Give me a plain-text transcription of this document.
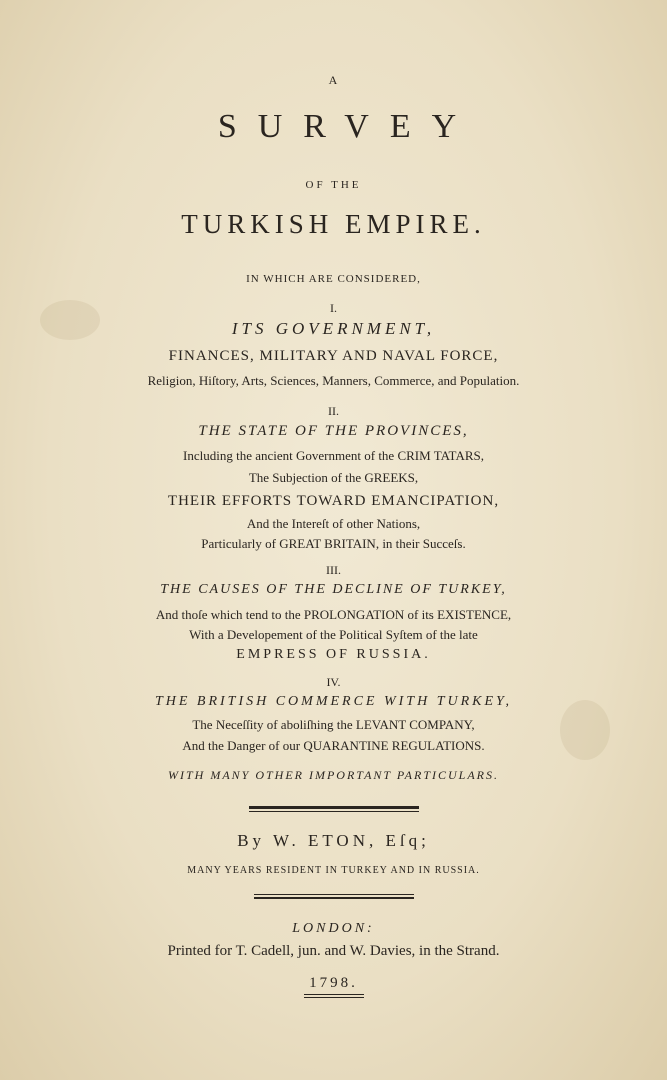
A
SURVEY
OF THE
TURKISH EMPIRE.
IN WHICH ARE CONSIDERED,
I.
ITS GOVERNMENT,
FINANCES, MILITARY AND NAVAL FORCE,
Religion, Hiſtory, Arts, Sciences, Manners, Commerce, and Population.
II.
THE STATE OF THE PROVINCES,
Including the ancient Government of the CRIM TATARS,
The Subjection of the GREEKS,
THEIR EFFORTS TOWARD EMANCIPATION,
And the Intereſt of other Nations,
Particularly of GREAT BRITAIN, in their Succeſs.
III.
THE CAUSES OF THE DECLINE OF TURKEY,
And thoſe which tend to the PROLONGATION of its EXISTENCE,
With a Developement of the Political Syſtem of the late
EMPRESS OF RUSSIA.
IV.
THE BRITISH COMMERCE WITH TURKEY,
The Neceſſity of aboliſhing the LEVANT COMPANY,
And the Danger of our QUARANTINE REGULATIONS.
WITH MANY OTHER IMPORTANT PARTICULARS.
By W. ETON, Eſq;
MANY YEARS RESIDENT IN TURKEY AND IN RUSSIA.
LONDON:
Printed for T. Cadell, jun. and W. Davies, in the Strand.
1798.
